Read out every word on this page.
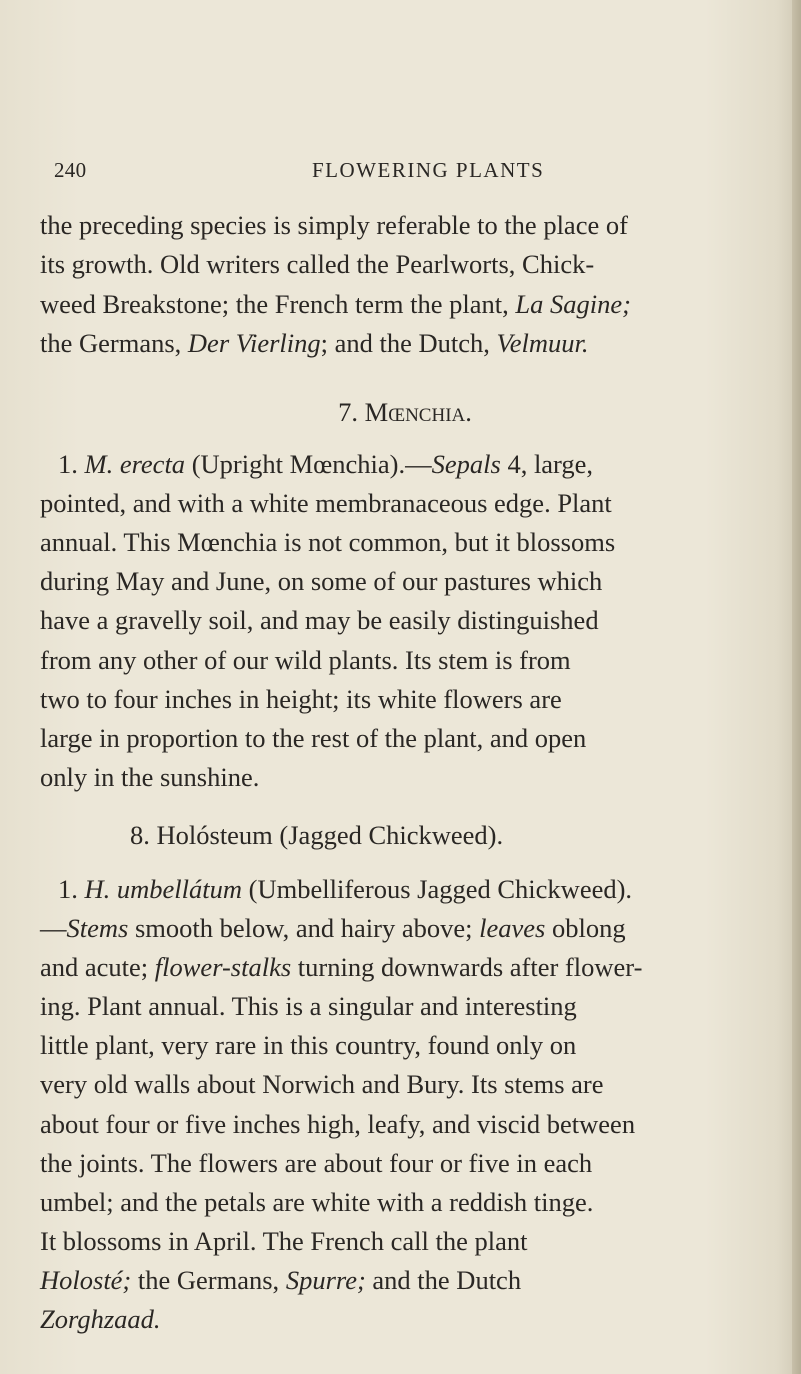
240	FLOWERING PLANTS
the preceding species is simply referable to the place of
its growth. Old writers called the Pearlworts, Chick-
weed Breakstone; the French term the plant, La Sagine;
the Germans, Der Vierling; and the Dutch, Velmuur.
7. Mœnchia.
1. M. erecta (Upright Mœnchia).—Sepals 4, large,
pointed, and with a white membranaceous edge. Plant
annual. This Mœnchia is not common, but it blossoms
during May and June, on some of our pastures which
have a gravelly soil, and may be easily distinguished
from any other of our wild plants. Its stem is from
two to four inches in height; its white flowers are
large in proportion to the rest of the plant, and open
only in the sunshine.
8. Holósteum (Jagged Chickweed).
1. H. umbellátum (Umbelliferous Jagged Chickweed).
—Stems smooth below, and hairy above; leaves oblong
and acute; flower-stalks turning downwards after flower-
ing. Plant annual. This is a singular and interesting
little plant, very rare in this country, found only on
very old walls about Norwich and Bury. Its stems are
about four or five inches high, leafy, and viscid between
the joints. The flowers are about four or five in each
umbel; and the petals are white with a reddish tinge.
It blossoms in April. The French call the plant
Holosté; the Germans, Spurre; and the Dutch
Zorghzaad.
